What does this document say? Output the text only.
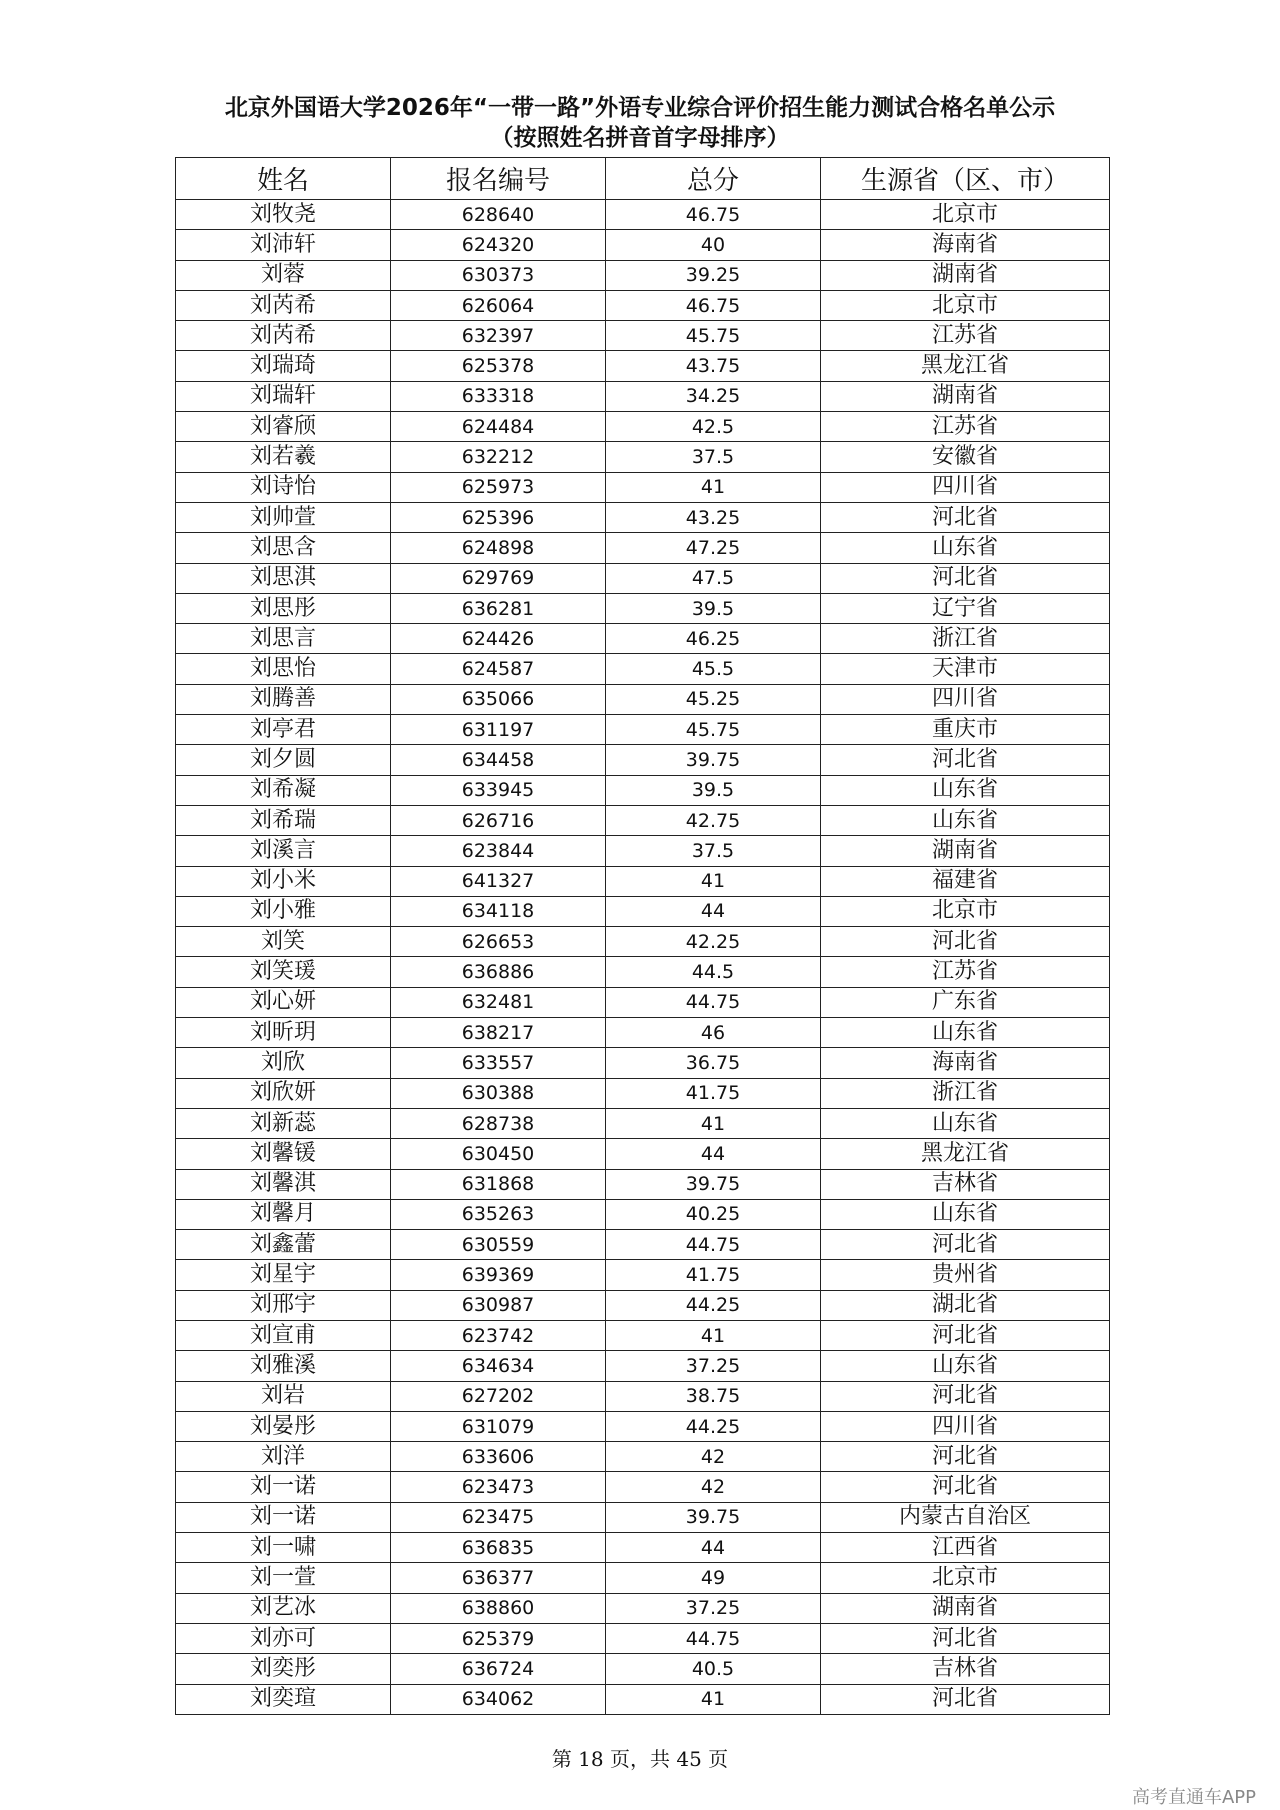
北京外国语大学2026年“一带一路”外语专业综合评价招生能力测试合格名单公示
（按照姓名拼音首字母排序）
姓名	报名编号	总分	生源省（区、市）
刘牧尧	628640	46.75	北京市
刘沛轩	624320	40	海南省
刘蓉	630373	39.25	湖南省
刘芮希	626064	46.75	北京市
刘芮希	632397	45.75	江苏省
刘瑞琦	625378	43.75	黑龙江省
刘瑞轩	633318	34.25	湖南省
刘睿颀	624484	42.5	江苏省
刘若羲	632212	37.5	安徽省
刘诗怡	625973	41	四川省
刘帅萱	625396	43.25	河北省
刘思含	624898	47.25	山东省
刘思淇	629769	47.5	河北省
刘思彤	636281	39.5	辽宁省
刘思言	624426	46.25	浙江省
刘思怡	624587	45.5	天津市
刘腾善	635066	45.25	四川省
刘亭君	631197	45.75	重庆市
刘夕圆	634458	39.75	河北省
刘希凝	633945	39.5	山东省
刘希瑞	626716	42.75	山东省
刘溪言	623844	37.5	湖南省
刘小米	641327	41	福建省
刘小雅	634118	44	北京市
刘笑	626653	42.25	河北省
刘笑瑗	636886	44.5	江苏省
刘心妍	632481	44.75	广东省
刘昕玥	638217	46	山东省
刘欣	633557	36.75	海南省
刘欣妍	630388	41.75	浙江省
刘新蕊	628738	41	山东省
刘馨锾	630450	44	黑龙江省
刘馨淇	631868	39.75	吉林省
刘馨月	635263	40.25	山东省
刘鑫蕾	630559	44.75	河北省
刘星宇	639369	41.75	贵州省
刘邢宇	630987	44.25	湖北省
刘宣甫	623742	41	河北省
刘雅溪	634634	37.25	山东省
刘岩	627202	38.75	河北省
刘晏彤	631079	44.25	四川省
刘洋	633606	42	河北省
刘一诺	623473	42	河北省
刘一诺	623475	39.75	内蒙古自治区
刘一啸	636835	44	江西省
刘一萱	636377	49	北京市
刘艺冰	638860	37.25	湖南省
刘亦可	625379	44.75	河北省
刘奕彤	636724	40.5	吉林省
刘奕瑄	634062	41	河北省
第 18 页，共 45 页
高考直通车APP
